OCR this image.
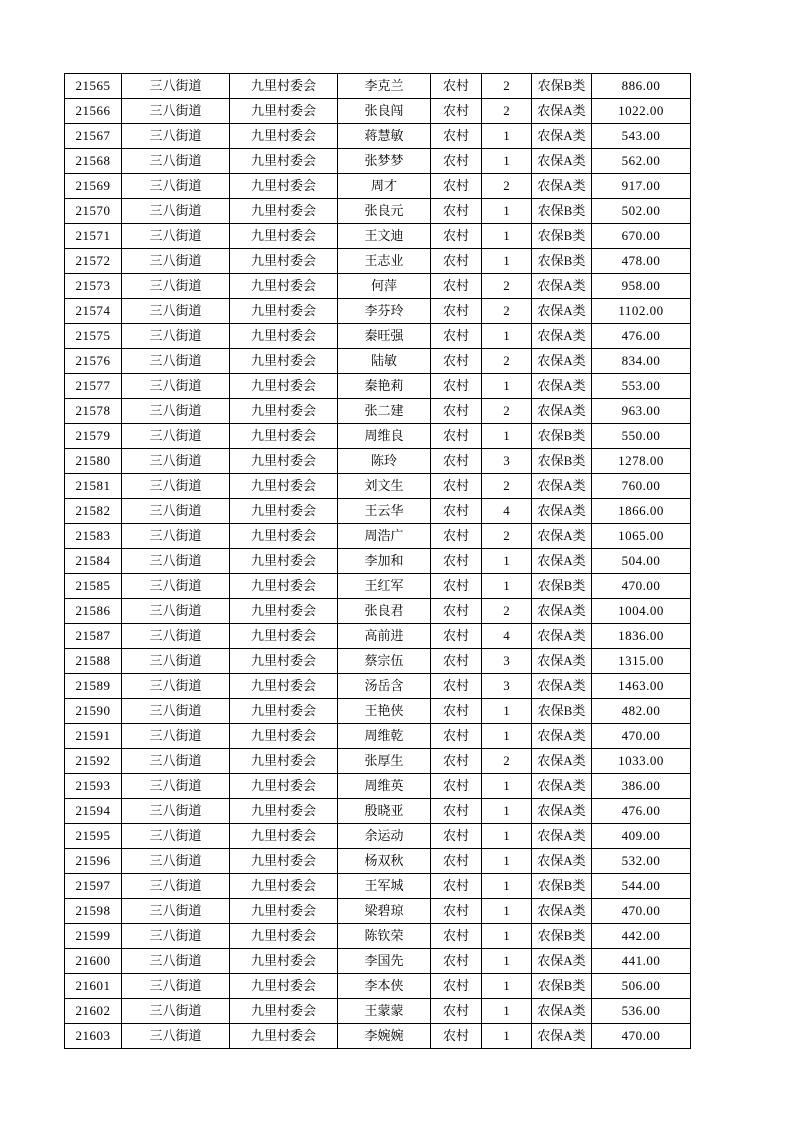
21565	三八街道	九里村委会	李克兰	农村	2	农保B类	886.00
21566	三八街道	九里村委会	张良闯	农村	2	农保A类	1022.00
21567	三八街道	九里村委会	蒋慧敏	农村	1	农保A类	543.00
21568	三八街道	九里村委会	张梦梦	农村	1	农保A类	562.00
21569	三八街道	九里村委会	周才	农村	2	农保A类	917.00
21570	三八街道	九里村委会	张良元	农村	1	农保B类	502.00
21571	三八街道	九里村委会	王文迪	农村	1	农保B类	670.00
21572	三八街道	九里村委会	王志业	农村	1	农保B类	478.00
21573	三八街道	九里村委会	何萍	农村	2	农保A类	958.00
21574	三八街道	九里村委会	李芬玲	农村	2	农保A类	1102.00
21575	三八街道	九里村委会	秦旺强	农村	1	农保A类	476.00
21576	三八街道	九里村委会	陆敏	农村	2	农保A类	834.00
21577	三八街道	九里村委会	秦艳莉	农村	1	农保A类	553.00
21578	三八街道	九里村委会	张二建	农村	2	农保A类	963.00
21579	三八街道	九里村委会	周维良	农村	1	农保B类	550.00
21580	三八街道	九里村委会	陈玲	农村	3	农保B类	1278.00
21581	三八街道	九里村委会	刘文生	农村	2	农保A类	760.00
21582	三八街道	九里村委会	王云华	农村	4	农保A类	1866.00
21583	三八街道	九里村委会	周浩广	农村	2	农保A类	1065.00
21584	三八街道	九里村委会	李加和	农村	1	农保A类	504.00
21585	三八街道	九里村委会	王红军	农村	1	农保B类	470.00
21586	三八街道	九里村委会	张良君	农村	2	农保A类	1004.00
21587	三八街道	九里村委会	高前进	农村	4	农保A类	1836.00
21588	三八街道	九里村委会	蔡宗伍	农村	3	农保A类	1315.00
21589	三八街道	九里村委会	汤岳含	农村	3	农保A类	1463.00
21590	三八街道	九里村委会	王艳侠	农村	1	农保B类	482.00
21591	三八街道	九里村委会	周维乾	农村	1	农保A类	470.00
21592	三八街道	九里村委会	张厚生	农村	2	农保A类	1033.00
21593	三八街道	九里村委会	周维英	农村	1	农保A类	386.00
21594	三八街道	九里村委会	殷晓亚	农村	1	农保A类	476.00
21595	三八街道	九里村委会	余运动	农村	1	农保A类	409.00
21596	三八街道	九里村委会	杨双秋	农村	1	农保A类	532.00
21597	三八街道	九里村委会	王军城	农村	1	农保B类	544.00
21598	三八街道	九里村委会	梁碧琼	农村	1	农保A类	470.00
21599	三八街道	九里村委会	陈钦荣	农村	1	农保B类	442.00
21600	三八街道	九里村委会	李国先	农村	1	农保A类	441.00
21601	三八街道	九里村委会	李本侠	农村	1	农保B类	506.00
21602	三八街道	九里村委会	王蒙蒙	农村	1	农保A类	536.00
21603	三八街道	九里村委会	李婉婉	农村	1	农保A类	470.00
